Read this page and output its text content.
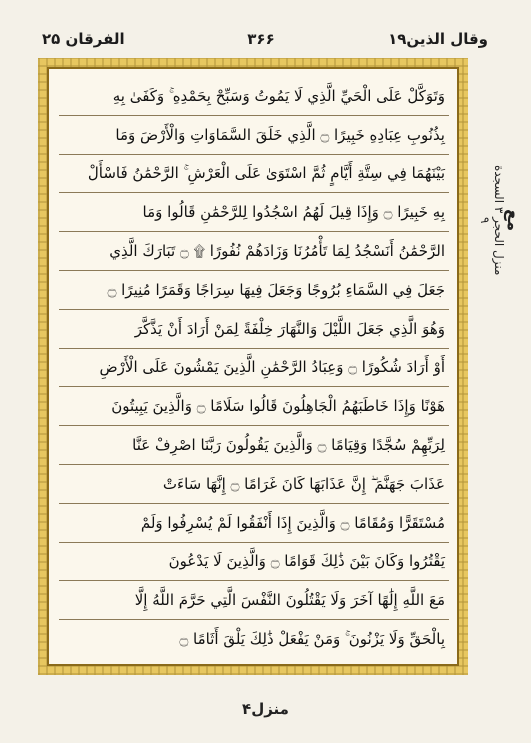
وقال الذين۱۹
۳۶۶
الفرقان ۲۵
وَتَوَكَّلْ عَلَى الْحَيِّ الَّذِي لَا يَمُوتُ وَسَبِّحْ بِحَمْدِهِ ۚ وَكَفَىٰ بِهِ
بِذُنُوبِ عِبَادِهِ خَبِيرًا ۝ الَّذِي خَلَقَ السَّمَاوَاتِ وَالْأَرْضَ وَمَا
بَيْنَهُمَا فِي سِتَّةِ أَيَّامٍ ثُمَّ اسْتَوَىٰ عَلَى الْعَرْشِ ۚ الرَّحْمَٰنُ فَاسْأَلْ
بِهِ خَبِيرًا ۝ وَإِذَا قِيلَ لَهُمُ اسْجُدُوا لِلرَّحْمَٰنِ قَالُوا وَمَا
الرَّحْمَٰنُ أَنَسْجُدُ لِمَا تَأْمُرُنَا وَزَادَهُمْ نُفُورًا ۩ ۝ تَبَارَكَ الَّذِي
جَعَلَ فِي السَّمَاءِ بُرُوجًا وَجَعَلَ فِيهَا سِرَاجًا وَقَمَرًا مُنِيرًا ۝
وَهُوَ الَّذِي جَعَلَ اللَّيْلَ وَالنَّهَارَ خِلْفَةً لِمَنْ أَرَادَ أَنْ يَذَّكَّرَ
أَوْ أَرَادَ شُكُورًا ۝ وَعِبَادُ الرَّحْمَٰنِ الَّذِينَ يَمْشُونَ عَلَى الْأَرْضِ
هَوْنًا وَإِذَا خَاطَبَهُمُ الْجَاهِلُونَ قَالُوا سَلَامًا ۝ وَالَّذِينَ يَبِيتُونَ
لِرَبِّهِمْ سُجَّدًا وَقِيَامًا ۝ وَالَّذِينَ يَقُولُونَ رَبَّنَا اصْرِفْ عَنَّا
عَذَابَ جَهَنَّمَ ۖ إِنَّ عَذَابَهَا كَانَ غَرَامًا ۝ إِنَّهَا سَاءَتْ
مُسْتَقَرًّا وَمُقَامًا ۝ وَالَّذِينَ إِذَا أَنْفَقُوا لَمْ يُسْرِفُوا وَلَمْ
يَقْتُرُوا وَكَانَ بَيْنَ ذَٰلِكَ قَوَامًا ۝ وَالَّذِينَ لَا يَدْعُونَ
مَعَ اللَّهِ إِلَٰهًا آخَرَ وَلَا يَقْتُلُونَ النَّفْسَ الَّتِي حَرَّمَ اللَّهُ إِلَّا
بِالْحَقِّ وَلَا يَزْنُونَ ۚ وَمَنْ يَفْعَلْ ذَٰلِكَ يَلْقَ أَثَامًا ۝
مع
منزل الحجر ٣ السجدة ٩
منزل۴
